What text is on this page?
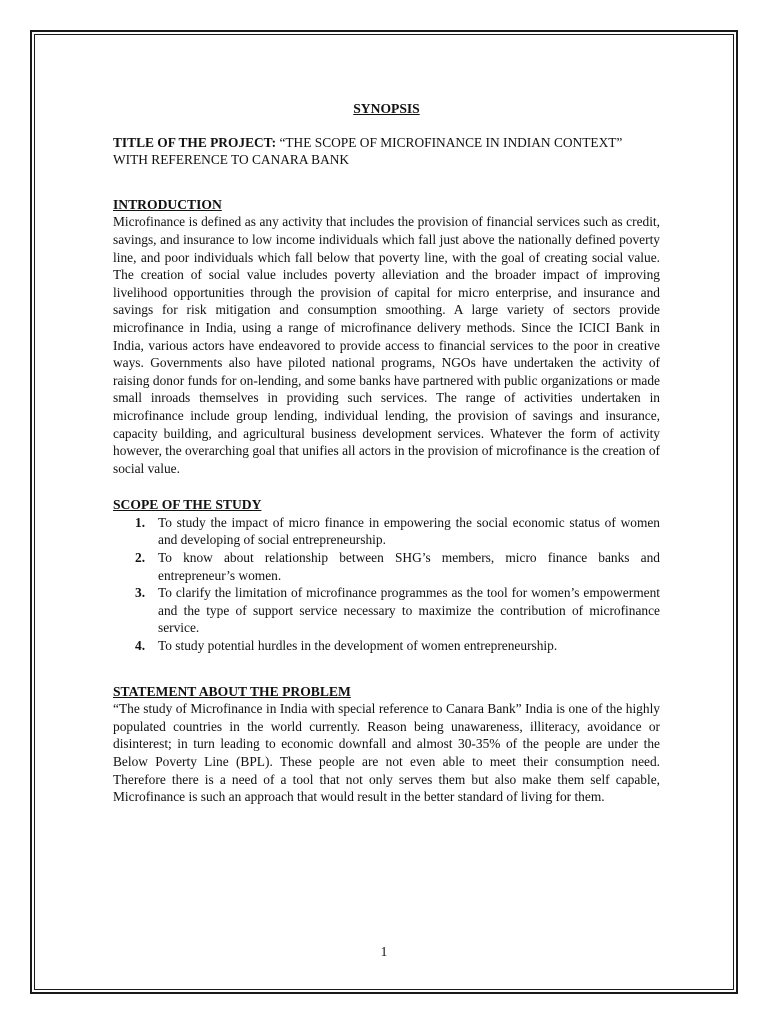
SYNOPSIS

TITLE OF THE PROJECT: “THE SCOPE OF MICROFINANCE IN INDIAN CONTEXT” WITH REFERENCE TO CANARA BANK

INTRODUCTION

Microfinance is defined as any activity that includes the provision of financial services such as credit, savings, and insurance to low income individuals which fall just above the nationally defined poverty line, and poor individuals which fall below that poverty line, with the goal of creating social value. The creation of social value includes poverty alleviation and the broader impact of improving livelihood opportunities through the provision of capital for micro enterprise, and insurance and savings for risk mitigation and consumption smoothing. A large variety of sectors provide microfinance in India, using a range of microfinance delivery methods. Since the ICICI Bank in India, various actors have endeavored to provide access to financial services to the poor in creative ways. Governments also have piloted national programs, NGOs have undertaken the activity of raising donor funds for on-lending, and some banks have partnered with public organizations or made small inroads themselves in providing such services. The range of activities undertaken in microfinance include group lending, individual lending, the provision of savings and insurance, capacity building, and agricultural business development services. Whatever the form of activity however, the overarching goal that unifies all actors in the provision of microfinance is the creation of social value.

SCOPE OF THE STUDY

1. To study the impact of micro finance in empowering the social economic status of women and developing of social entrepreneurship.
2. To know about relationship between SHG’s members, micro finance banks and entrepreneur’s women.
3. To clarify the limitation of microfinance programmes as the tool for women’s empowerment and the type of support service necessary to maximize the contribution of microfinance service.
4. To study potential hurdles in the development of women entrepreneurship.

STATEMENT ABOUT THE PROBLEM

“The study of Microfinance in India with special reference to Canara Bank” India is one of the highly populated countries in the world currently. Reason being unawareness, illiteracy, avoidance or disinterest; in turn leading to economic downfall and almost 30-35% of the people are under the Below Poverty Line (BPL). These people are not even able to meet their consumption need. Therefore there is a need of a tool that not only serves them but also make them self capable, Microfinance is such an approach that would result in the better standard of living for them.

1
